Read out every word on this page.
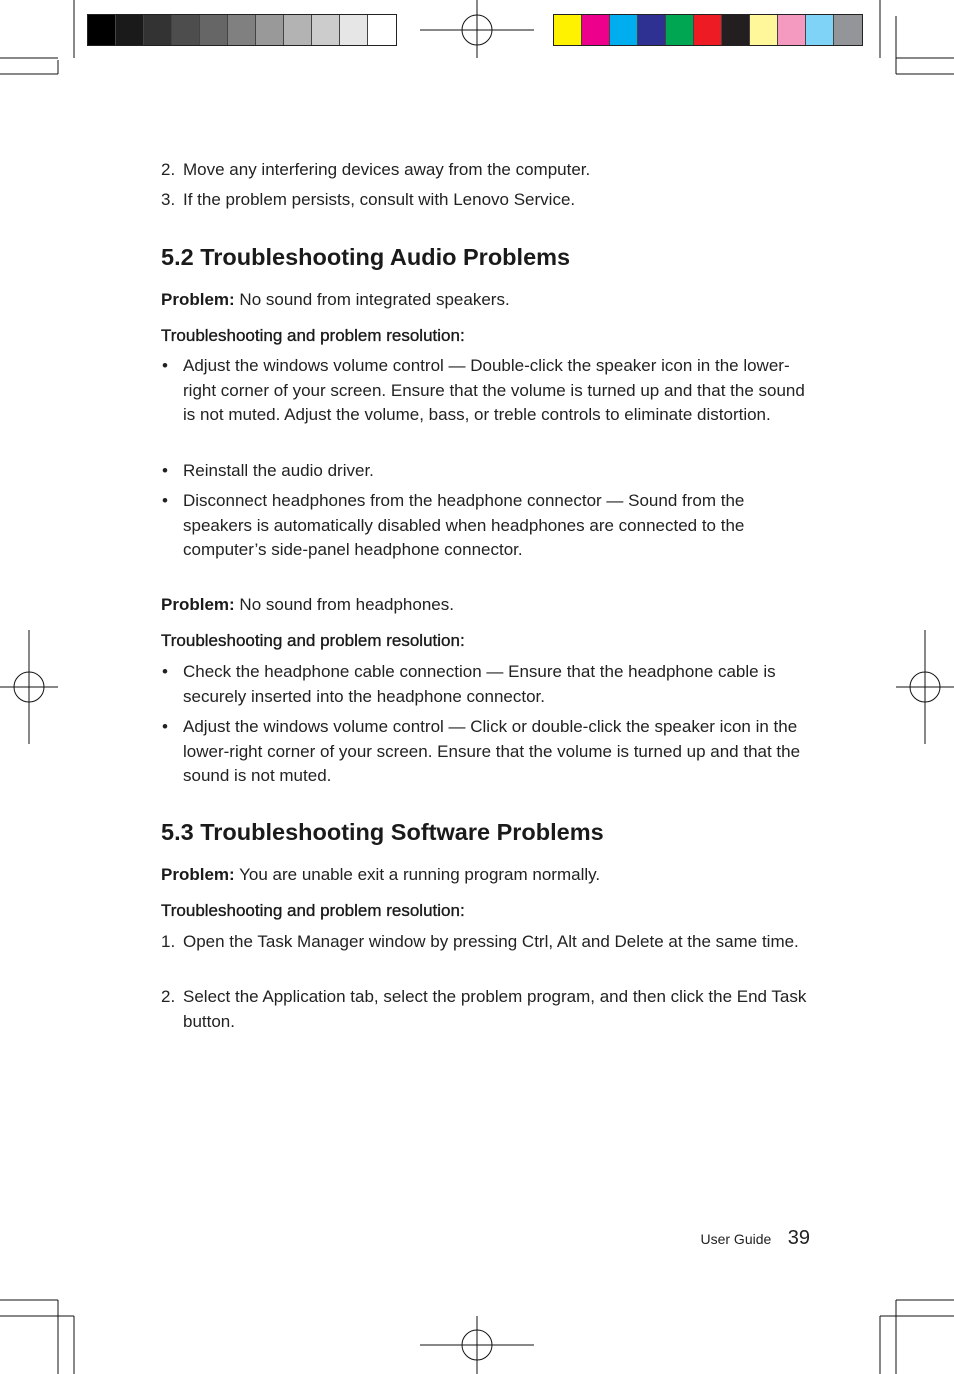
2. Move any interfering devices away from the computer.
3. If the problem persists, consult with Lenovo Service.
5.2 Troubleshooting Audio Problems

Problem: No sound from integrated speakers.

Troubleshooting and problem resolution:

• Adjust the windows volume control — Double-click the speaker icon in the lower-right corner of your screen. Ensure that the volume is turned up and that the sound is not muted. Adjust the volume, bass, or treble controls to eliminate distortion.
• Reinstall the audio driver.
• Disconnect headphones from the headphone connector — Sound from the speakers is automatically disabled when headphones are connected to the computer’s side-panel headphone connector.

Problem: No sound from headphones.

Troubleshooting and problem resolution:

• Check the headphone cable connection — Ensure that the headphone cable is securely inserted into the headphone connector.
• Adjust the windows volume control — Click or double-click the speaker icon in the lower-right corner of your screen. Ensure that the volume is turned up and that the sound is not muted.
5.3 Troubleshooting Software Problems

Problem: You are unable exit a running program normally.

Troubleshooting and problem resolution:

1. Open the Task Manager window by pressing Ctrl, Alt and Delete at the same time.
2. Select the Application tab, select the problem program, and then click the End Task button.
User Guide 39
